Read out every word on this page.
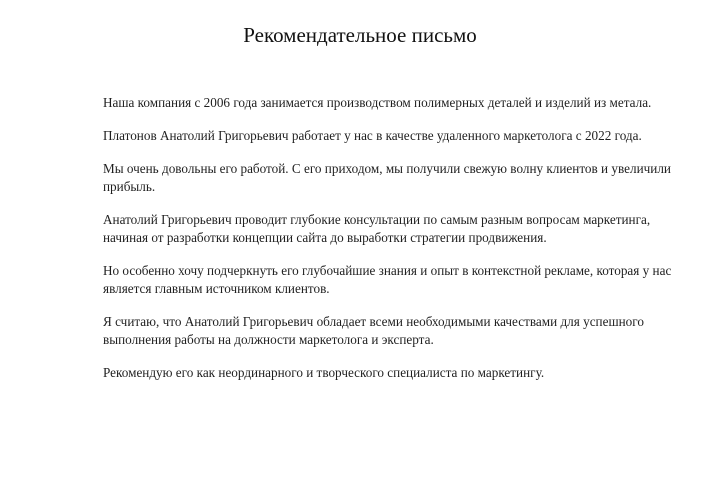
Рекомендательное письмо

Наша компания с 2006 года занимается производством полимерных деталей и изделий из метала.

Платонов Анатолий Григорьевич работает у нас в качестве удаленного маркетолога с 2022 года.

Мы очень довольны его работой. С его приходом, мы получили свежую волну клиентов и увеличили прибыль.

Анатолий Григорьевич проводит глубокие консультации по самым разным вопросам маркетинга, начиная от разработки концепции сайта до выработки стратегии продвижения.

Но особенно хочу подчеркнуть его глубочайшие знания и опыт в контекстной рекламе, которая у нас является главным источником клиентов.

Я считаю, что Анатолий Григорьевич обладает всеми необходимыми качествами для успешного выполнения работы на должности маркетолога и эксперта.

Рекомендую его как неординарного и творческого специалиста по маркетингу.
